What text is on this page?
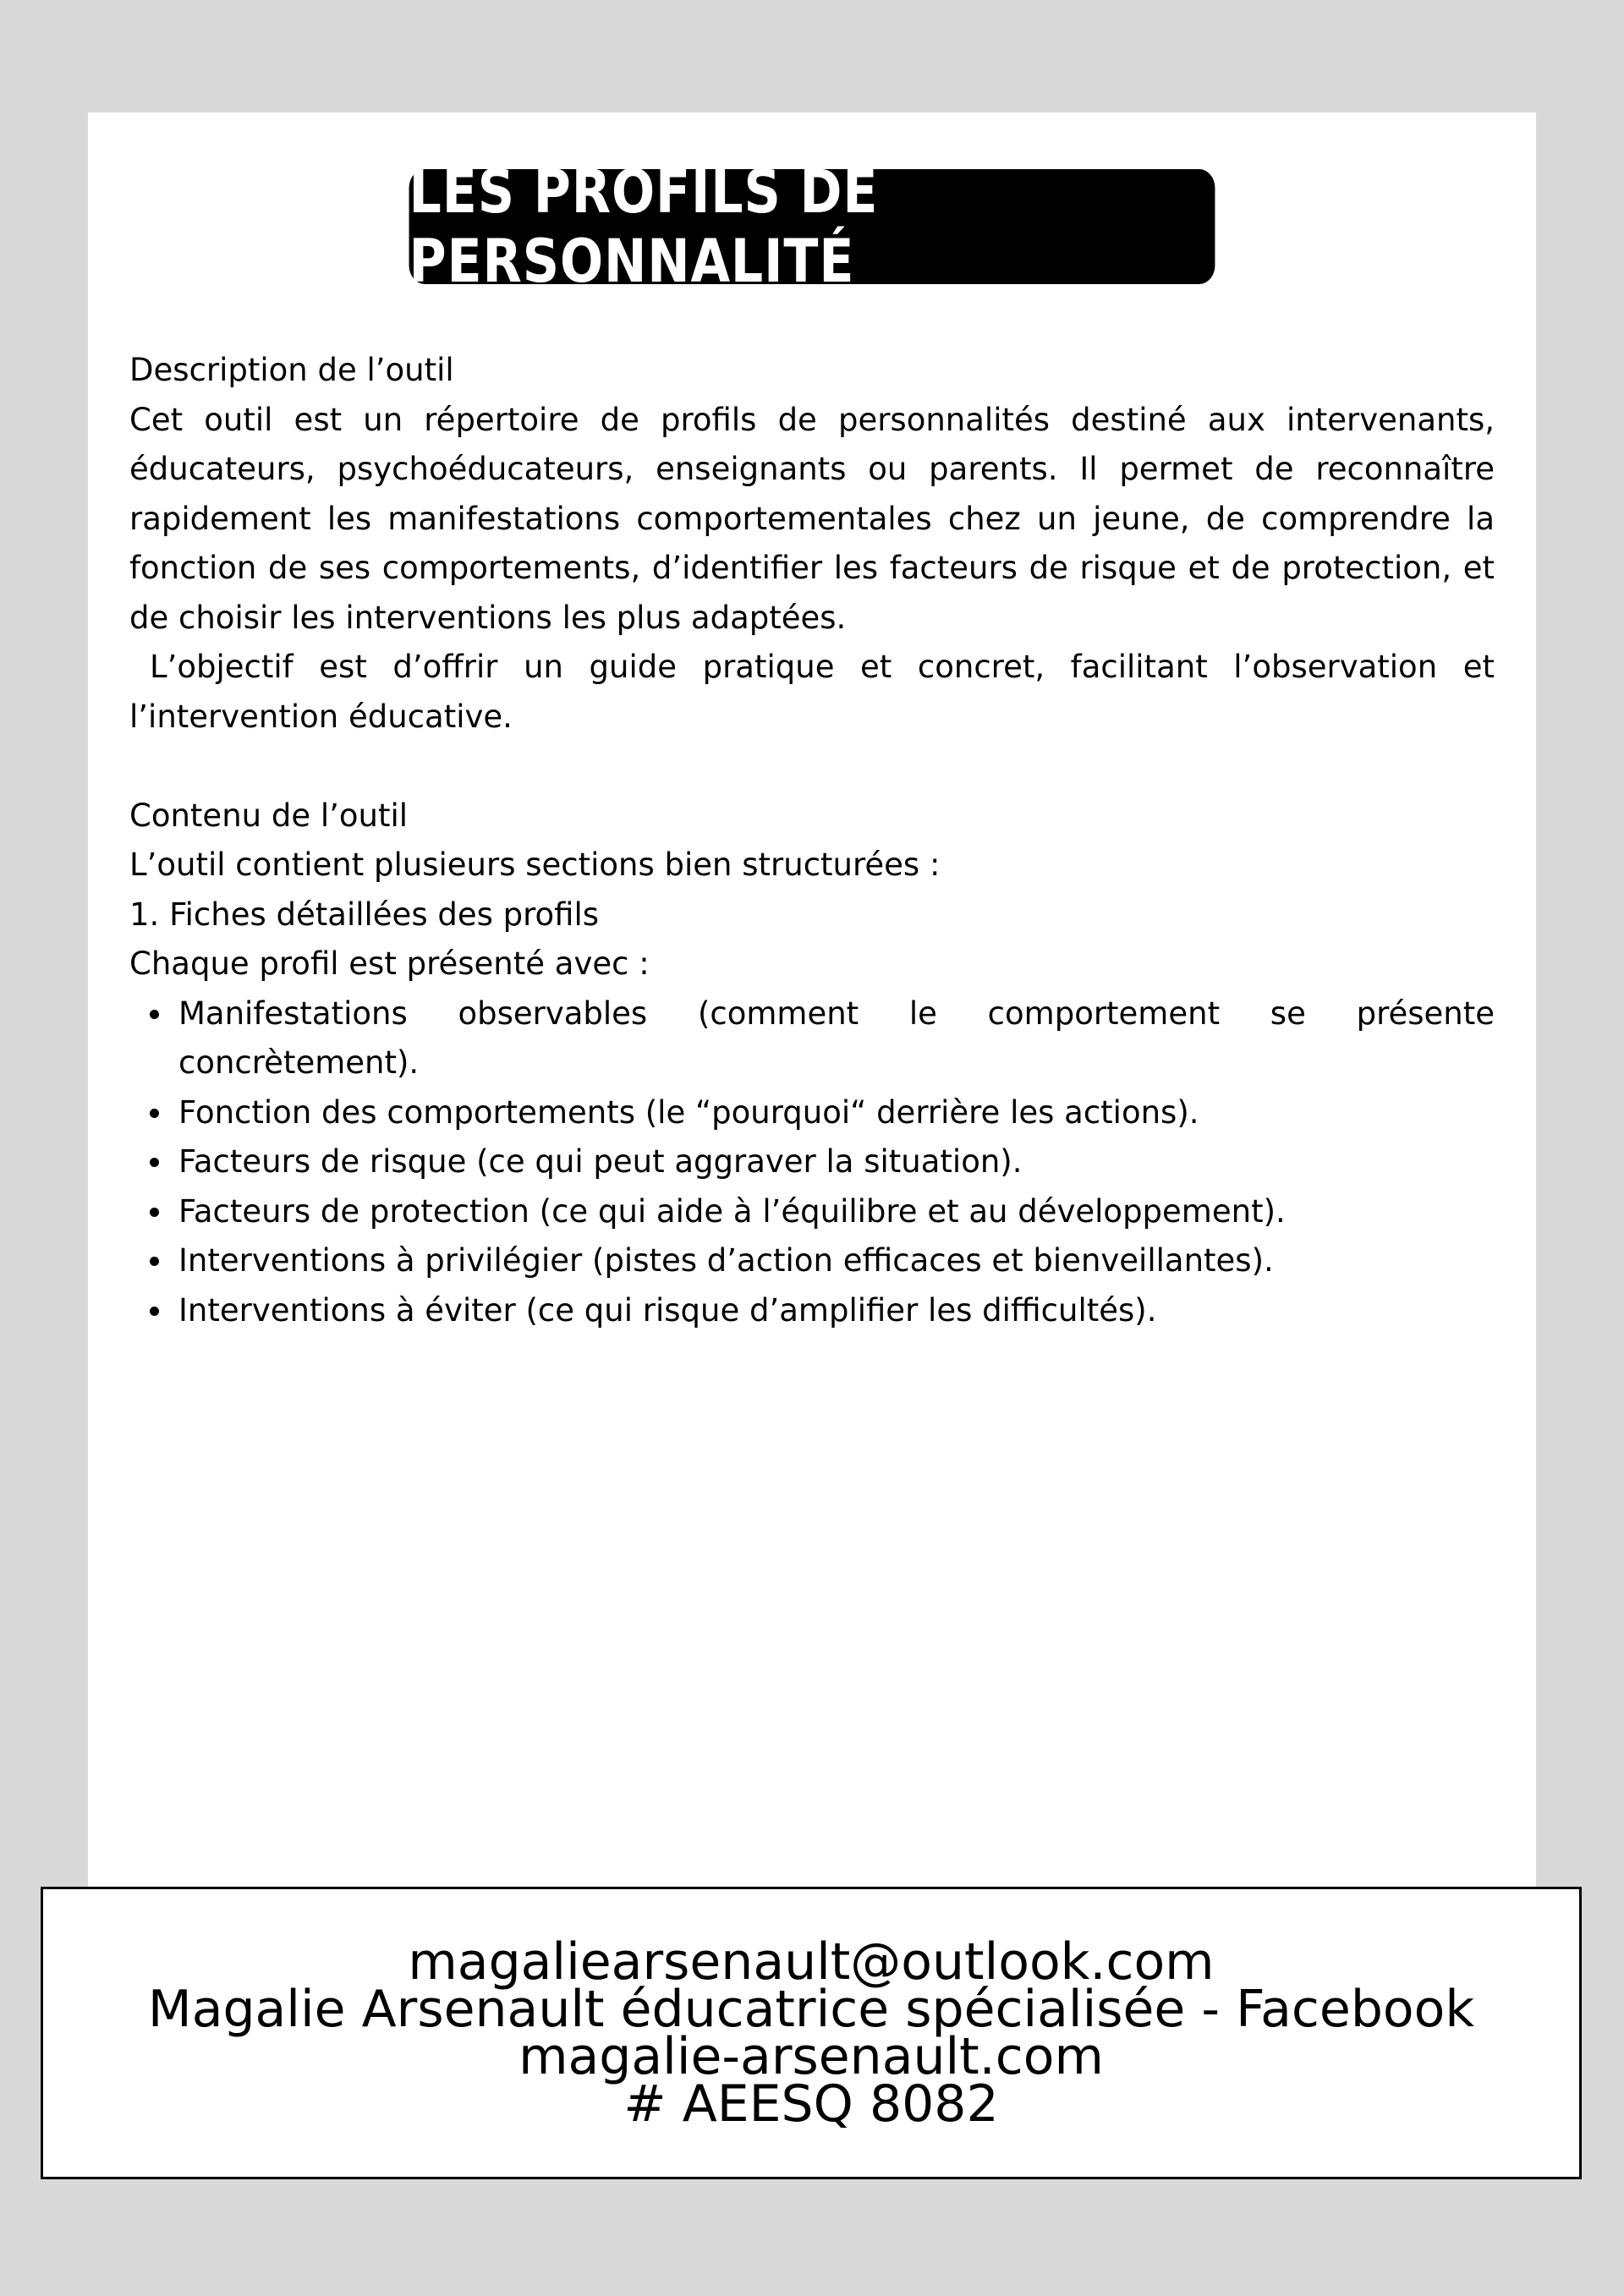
LES PROFILS DE PERSONNALITÉ

Description de l’outil

Cet outil est un répertoire de profils de personnalités destiné aux intervenants, éducateurs, psychoéducateurs, enseignants ou parents. Il permet de reconnaître rapidement les manifestations comportementales chez un jeune, de comprendre la fonction de ses comportements, d’identifier les facteurs de risque et de protection, et de choisir les interventions les plus adaptées.

L’objectif est d’offrir un guide pratique et concret, facilitant l’observation et l’intervention éducative.

Contenu de l’outil

L’outil contient plusieurs sections bien structurées :

1. Fiches détaillées des profils

Chaque profil est présenté avec :

Manifestations observables (comment le comportement se présente concrètement).
Fonction des comportements (le “pourquoi“ derrière les actions).
Facteurs de risque (ce qui peut aggraver la situation).
Facteurs de protection (ce qui aide à l’équilibre et au développement).
Interventions à privilégier (pistes d’action efficaces et bienveillantes).
Interventions à éviter (ce qui risque d’amplifier les difficultés).
magaliearsenault@outlook.com
Magalie Arsenault éducatrice spécialisée - Facebook
magalie-arsenault.com
# AEESQ 8082
